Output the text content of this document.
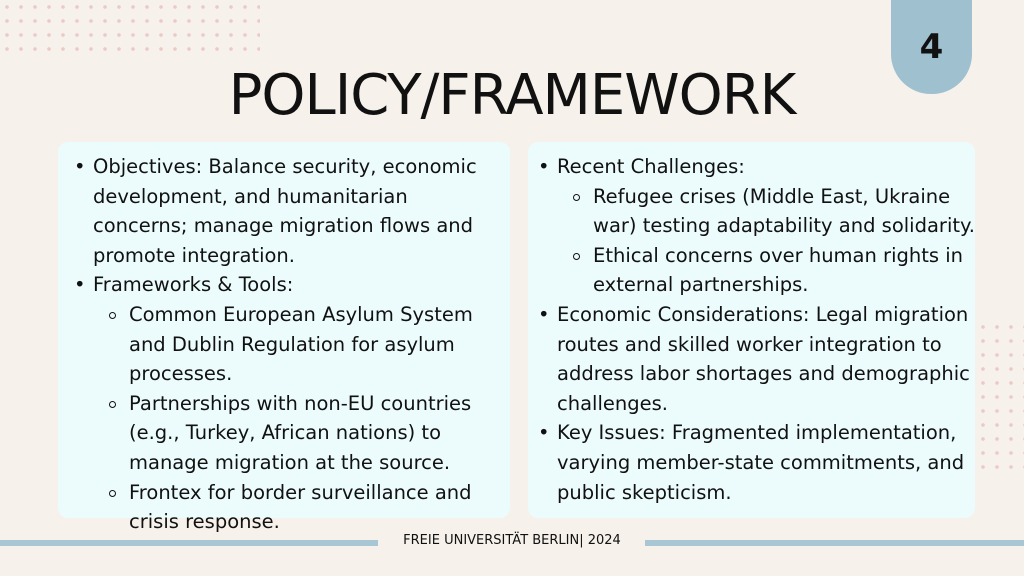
4
POLICY/FRAMEWORK
• Objectives: Balance security, economic development, and humanitarian concerns; manage migration flows and promote integration.
• Frameworks & Tools:
Common European Asylum System and Dublin Regulation for asylum processes.
Partnerships with non-EU countries (e.g., Turkey, African nations) to manage migration at the source.
Frontex for border surveillance and crisis response.
• Recent Challenges:
Refugee crises (Middle East, Ukraine war) testing adaptability and solidarity.
Ethical concerns over human rights in external partnerships.
• Economic Considerations: Legal migration routes and skilled worker integration to address labor shortages and demographic challenges.
• Key Issues: Fragmented implementation, varying member-state commitments, and public skepticism.
FREIE UNIVERSITÄT BERLIN| 2024
